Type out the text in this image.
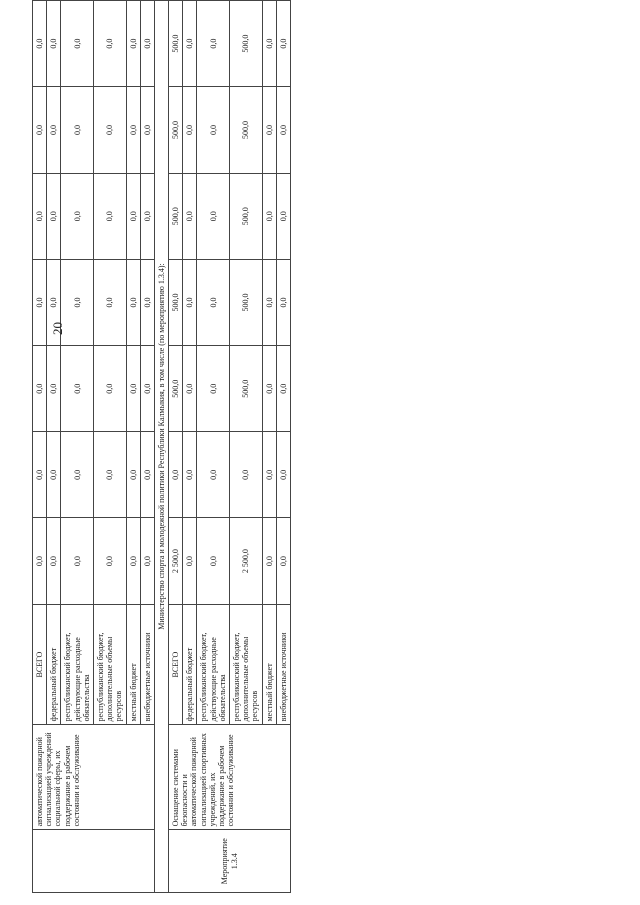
	автоматической пожарной сигнализацией учреждений социальной сферы, их поддержание в рабочем состоянии и обслуживание	ВСЕГО	0,0	0,0	0,0	0,0	0,0	0,0	0,0
		федеральный бюджет	0,0	0,0	0,0	0,0	0,0	0,0	0,0
		республиканский бюджет, действующие расходные обязательства	0,0	0,0	0,0	0,0	0,0	0,0	0,0
		республиканский бюджет, дополнительные объемы ресурсов	0,0	0,0	0,0	0,0	0,0	0,0	0,0
		местный бюджет	0,0	0,0	0,0	0,0	0,0	0,0	0,0
		внебюджетные источники	0,0	0,0	0,0	0,0	0,0	0,0	0,0
Министерство спорта и молодежной политики Республики Калмыкия, в том числе (по мероприятию 1.3.4):									
Мероприятие 1.3.4	Оснащение системами безопасности и автоматической пожарной сигнализацией спортивных учреждений, их поддержание в рабочем состоянии и обслуживание	ВСЕГО	2 500,0	0,0	500,0	500,0	500,0	500,0	500,0
		федеральный бюджет	0,0	0,0	0,0	0,0	0,0	0,0	0,0
		республиканский бюджет, действующие расходные обязательства	0,0	0,0	0,0	0,0	0,0	0,0	0,0
		республиканский бюджет, дополнительные объемы ресурсов	2 500,0	0,0	500,0	500,0	500,0	500,0	500,0
		местный бюджет	0,0	0,0	0,0	0,0	0,0	0,0	0,0
		внебюджетные источники	0,0	0,0	0,0	0,0	0,0	0,0	0,0
20
